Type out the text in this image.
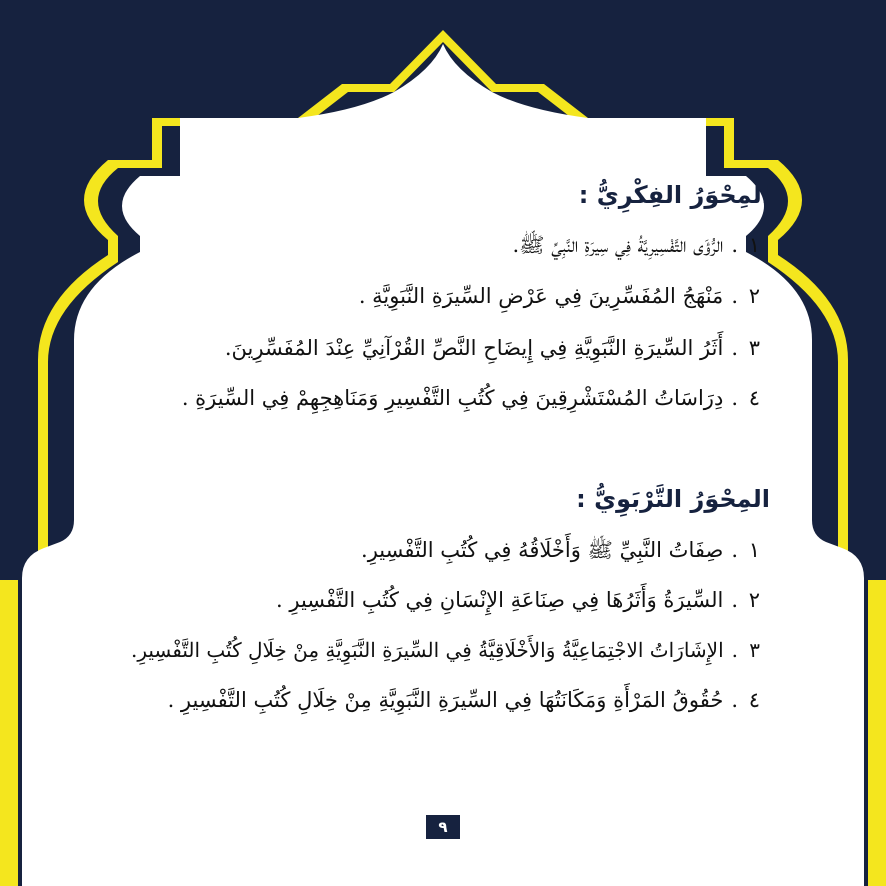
المِحْوَرُ الفِكْرِيُّ :

١.الرُّؤَى التَّفْسِيرِيَّةُ فِي سِيرَةِ النَّبِيِّ ﷺ.

٢.مَنْهَجُ المُفَسِّرِينَ فِي عَرْضِ السِّيرَةِ النَّبَوِيَّةِ .

٣.أَثَرُ السِّيرَةِ النَّبَوِيَّةِ فِي إِيضَاحِ النَّصِّ القُرْآنِيِّ عِنْدَ المُفَسِّرِينَ.

٤.دِرَاسَاتُ المُسْتَشْرِقِينَ فِي كُتُبِ التَّفْسِيرِ وَمَنَاهِجِهِمْ فِي السِّيرَةِ .

المِحْوَرُ التَّرْبَوِيُّ :

١.صِفَاتُ النَّبِيِّ ﷺ وَأَخْلَاقُهُ فِي كُتُبِ التَّفْسِيرِ.

٢.السِّيرَةُ وَأَثَرُهَا فِي صِنَاعَةِ الإِنْسَانِ فِي كُتُبِ التَّفْسِيرِ .

٣.الإِشَارَاتُ الاجْتِمَاعِيَّةُ وَالأَخْلَاقِيَّةُ فِي السِّيرَةِ النَّبَوِيَّةِ مِنْ خِلَالِ كُتُبِ التَّفْسِيرِ.

٤.حُقُوقُ المَرْأَةِ وَمَكَانَتُهَا فِي السِّيرَةِ النَّبَوِيَّةِ مِنْ خِلَالِ كُتُبِ التَّفْسِيرِ .

٩
